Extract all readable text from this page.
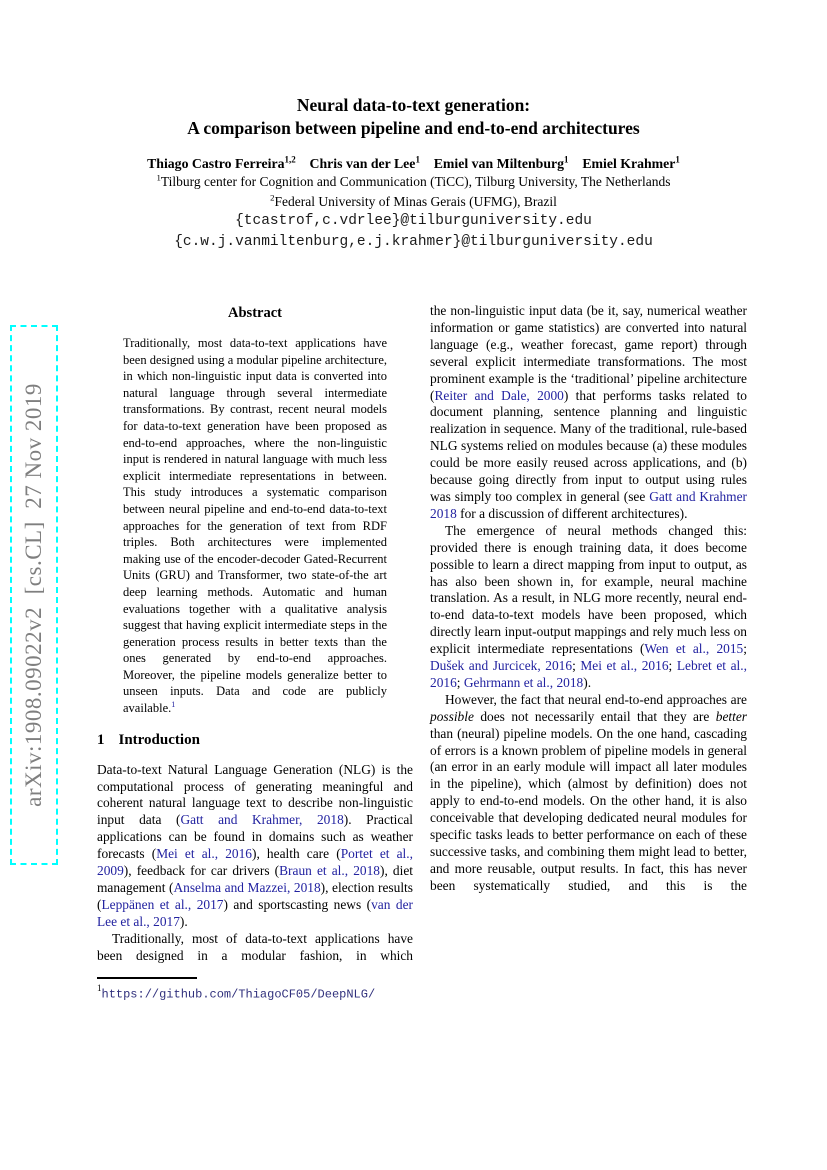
arXiv:1908.09022v2  [cs.CL]  27 Nov 2019
Neural data-to-text generation:
A comparison between pipeline and end-to-end architectures
Thiago Castro Ferreira$^{1,2}$ Chris van der Lee$^1$ Emiel van Miltenburg$^1$ Emiel Krahmer$^1$
$^1$Tilburg center for Cognition and Communication (TiCC), Tilburg University, The Netherlands
$^2$Federal University of Minas Gerais (UFMG), Brazil
{tcastrof,c.vdrlee}@tilburguniversity.edu
{c.w.j.vanmiltenburg,e.j.krahmer}@tilburguniversity.edu
Abstract

Traditionally, most data-to-text applications have been designed using a modular pipeline architecture, in which non-linguistic input data is converted into natural language through several intermediate transformations. By contrast, recent neural models for data-to-text generation have been proposed as end-to-end approaches, where the non-linguistic input is rendered in natural language with much less explicit intermediate representations in between. This study introduces a systematic comparison between neural pipeline and end-to-end data-to-text approaches for the generation of text from RDF triples. Both architectures were implemented making use of the encoder-decoder Gated-Recurrent Units (GRU) and Transformer, two state-of-the art deep learning methods. Automatic and human evaluations together with a qualitative analysis suggest that having explicit intermediate steps in the generation process results in better texts than the ones generated by end-to-end approaches. Moreover, the pipeline models generalize better to unseen inputs. Data and code are publicly available.$^1$

1 Introduction

Data-to-text Natural Language Generation (NLG) is the computational process of generating meaningful and coherent natural language text to describe non-linguistic input data (Gatt and Krahmer, 2018). Practical applications can be found in domains such as weather forecasts (Mei et al., 2016), health care (Portet et al., 2009), feedback for car drivers (Braun et al., 2018), diet management (Anselma and Mazzei, 2018), election results (Leppänen et al., 2017) and sportscasting news (van der Lee et al., 2017).

Traditionally, most of data-to-text applications have been designed in a modular fashion, in which

$^1$https://github.com/ThiagoCF05/DeepNLG/

the non-linguistic input data (be it, say, numerical weather information or game statistics) are converted into natural language (e.g., weather forecast, game report) through several explicit intermediate transformations. The most prominent example is the ‘traditional’ pipeline architecture (Reiter and Dale, 2000) that performs tasks related to document planning, sentence planning and linguistic realization in sequence. Many of the traditional, rule-based NLG systems relied on modules because (a) these modules could be more easily reused across applications, and (b) because going directly from input to output using rules was simply too complex in general (see Gatt and Krahmer 2018 for a discussion of different architectures).

The emergence of neural methods changed this: provided there is enough training data, it does become possible to learn a direct mapping from input to output, as has also been shown in, for example, neural machine translation. As a result, in NLG more recently, neural end-to-end data-to-text models have been proposed, which directly learn input-output mappings and rely much less on explicit intermediate representations (Wen et al., 2015; Dušek and Jurcicek, 2016; Mei et al., 2016; Lebret et al., 2016; Gehrmann et al., 2018).

However, the fact that neural end-to-end approaches are possible does not necessarily entail that they are better than (neural) pipeline models. On the one hand, cascading of errors is a known problem of pipeline models in general (an error in an early module will impact all later modules in the pipeline), which (almost by definition) does not apply to end-to-end models. On the other hand, it is also conceivable that developing dedicated neural modules for specific tasks leads to better performance on each of these successive tasks, and combining them might lead to better, and more reusable, output results. In fact, this has never been systematically studied, and this is the
